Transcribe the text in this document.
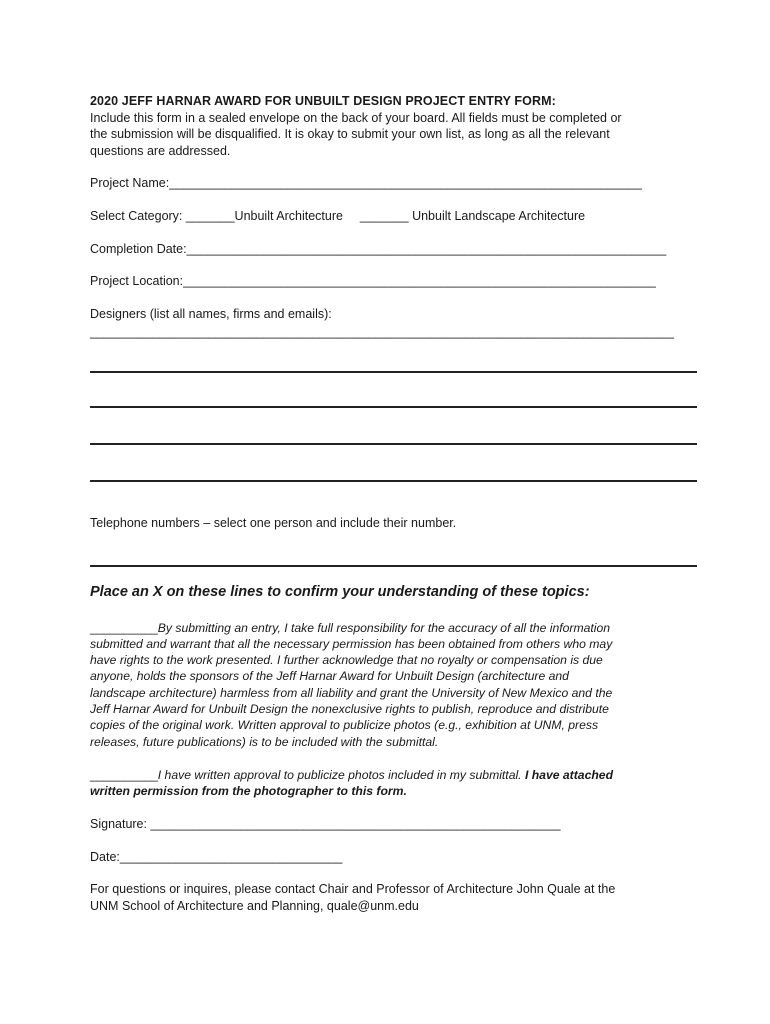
2020 JEFF HARNAR AWARD FOR UNBUILT DESIGN PROJECT ENTRY FORM:
Include this form in a sealed envelope on the back of your board. All fields must be completed or
the submission will be disqualified. It is okay to submit your own list, as long as all the relevant
questions are addressed.
Project Name:____________________________________________________________________
Select Category: _______Unbuilt Architecture _______ Unbuilt Landscape Architecture
Completion Date:_____________________________________________________________________
Project Location:____________________________________________________________________
Designers (list all names, firms and emails):
____________________________________________________________________________________
Telephone numbers – select one person and include their number.
Place an X on these lines to confirm your understanding of these topics:
__________By submitting an entry, I take full responsibility for the accuracy of all the information
submitted and warrant that all the necessary permission has been obtained from others who may
have rights to the work presented. I further acknowledge that no royalty or compensation is due
anyone, holds the sponsors of the Jeff Harnar Award for Unbuilt Design (architecture and
landscape architecture) harmless from all liability and grant the University of New Mexico and the
Jeff Harnar Award for Unbuilt Design the nonexclusive rights to publish, reproduce and distribute
copies of the original work. Written approval to publicize photos (e.g., exhibition at UNM, press
releases, future publications) is to be included with the submittal.
__________I have written approval to publicize photos included in my submittal. I have attached
written permission from the photographer to this form.
Signature: ___________________________________________________________
Date:________________________________
For questions or inquires, please contact Chair and Professor of Architecture John Quale at the
UNM School of Architecture and Planning, quale@unm.edu
